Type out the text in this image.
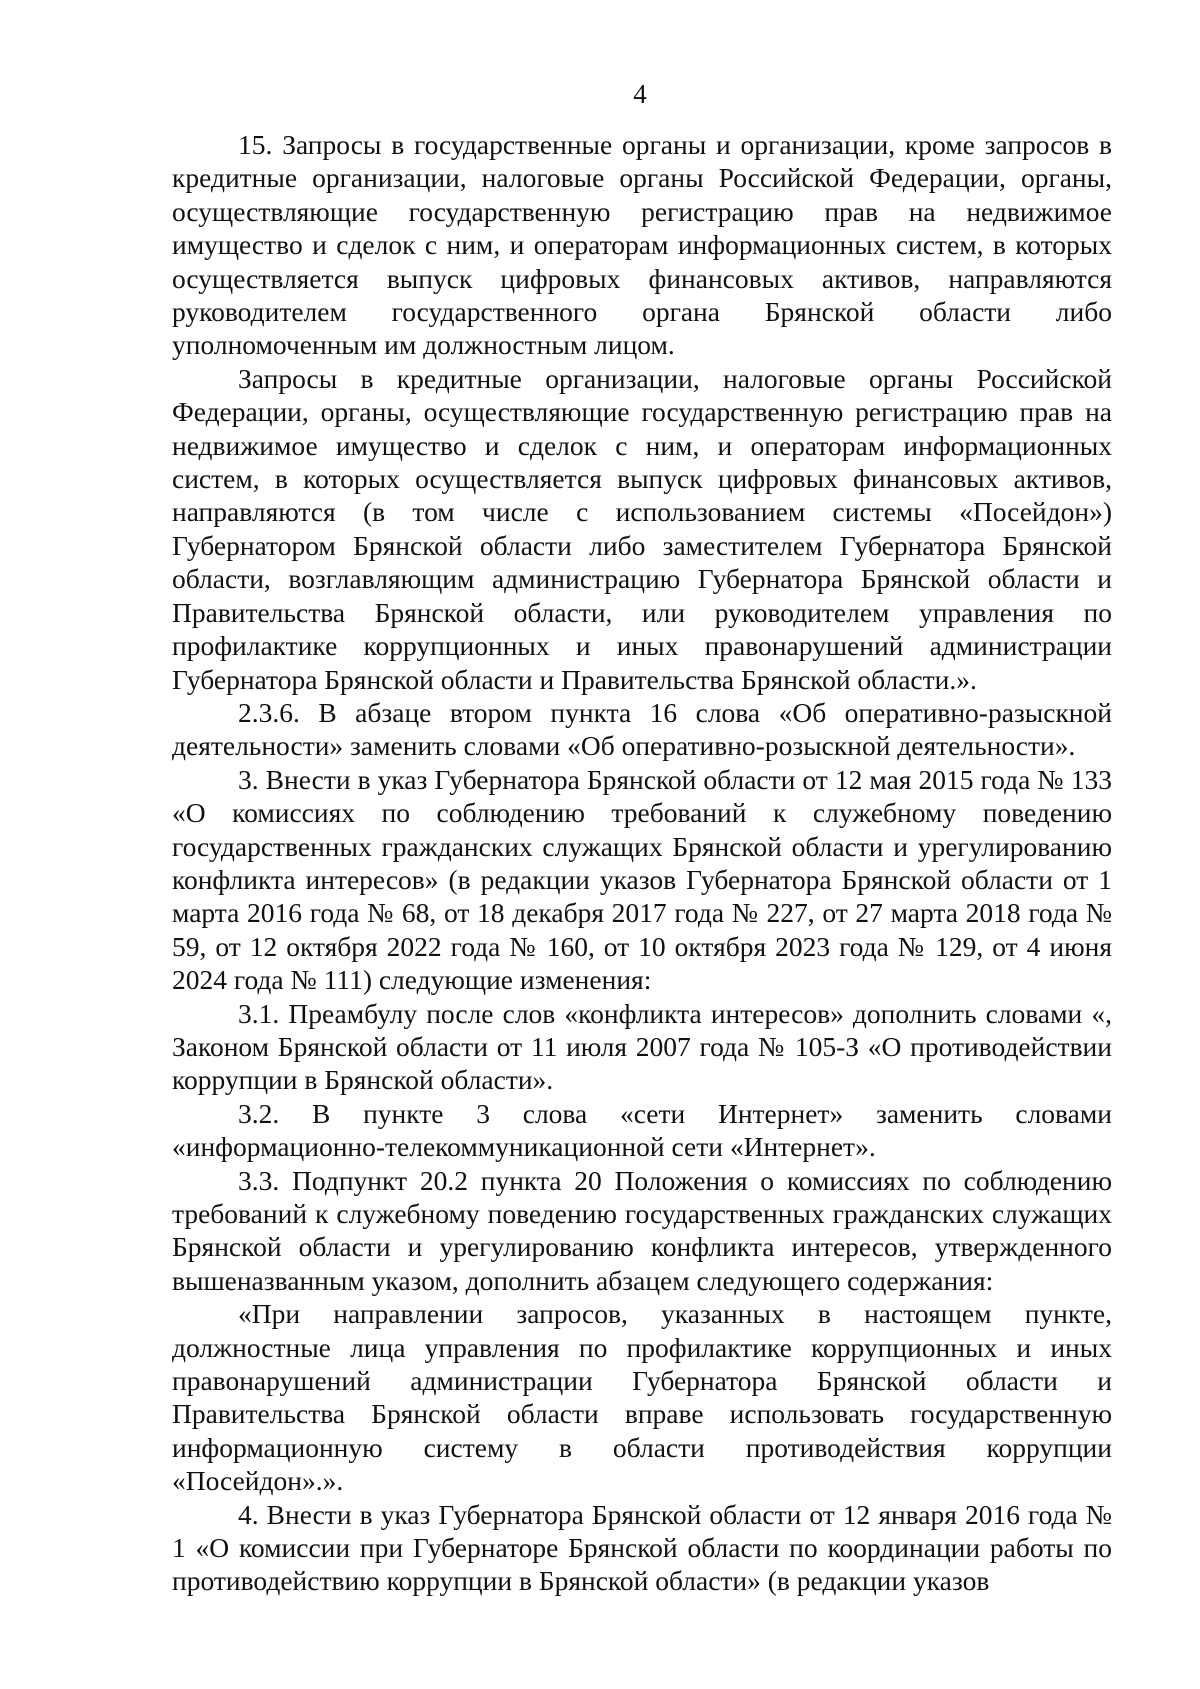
4

15. Запросы в государственные органы и организации, кроме запросов в кредитные организации, налоговые органы Российской Федерации, органы, осуществляющие государственную регистрацию прав на недвижимое имущество и сделок с ним, и операторам информационных систем, в которых осуществляется выпуск цифровых финансовых активов, направляются руководителем государственного органа Брянской области либо уполномоченным им должностным лицом.

Запросы в кредитные организации, налоговые органы Российской Федерации, органы, осуществляющие государственную регистрацию прав на недвижимое имущество и сделок с ним, и операторам информационных систем, в которых осуществляется выпуск цифровых финансовых активов, направляются (в том числе с использованием системы «Посейдон») Губернатором Брянской области либо заместителем Губернатора Брянской области, возглавляющим администрацию Губернатора Брянской области и Правительства Брянской области, или руководителем управления по профилактике коррупционных и иных правонарушений администрации Губернатора Брянской области и Правительства Брянской области.».

2.3.6. В абзаце втором пункта 16 слова «Об оперативно-разыскной деятельности» заменить словами «Об оперативно-розыскной деятельности».

3. Внести в указ Губернатора Брянской области от 12 мая 2015 года № 133 «О комиссиях по соблюдению требований к служебному поведению государственных гражданских служащих Брянской области и урегулированию конфликта интересов» (в редакции указов Губернатора Брянской области от 1 марта 2016 года № 68, от 18 декабря 2017 года № 227, от 27 марта 2018 года № 59, от 12 октября 2022 года № 160, от 10 октября 2023 года № 129, от 4 июня 2024 года № 111) следующие изменения:

3.1. Преамбулу после слов «конфликта интересов» дополнить словами «, Законом Брянской области от 11 июля 2007 года № 105-З «О противодействии коррупции в Брянской области».

3.2. В пункте 3 слова «сети Интернет» заменить словами «информационно-телекоммуникационной сети «Интернет».

3.3. Подпункт 20.2 пункта 20 Положения о комиссиях по соблюдению требований к служебному поведению государственных гражданских служащих Брянской области и урегулированию конфликта интересов, утвержденного вышеназванным указом, дополнить абзацем следующего содержания:

«При направлении запросов, указанных в настоящем пункте, должностные лица управления по профилактике коррупционных и иных правонарушений администрации Губернатора Брянской области и Правительства Брянской области вправе использовать государственную информационную систему в области противодействия коррупции «Посейдон».».

4. Внести в указ Губернатора Брянской области от 12 января 2016 года № 1 «О комиссии при Губернаторе Брянской области по координации работы по противодействию коррупции в Брянской области» (в редакции указов
